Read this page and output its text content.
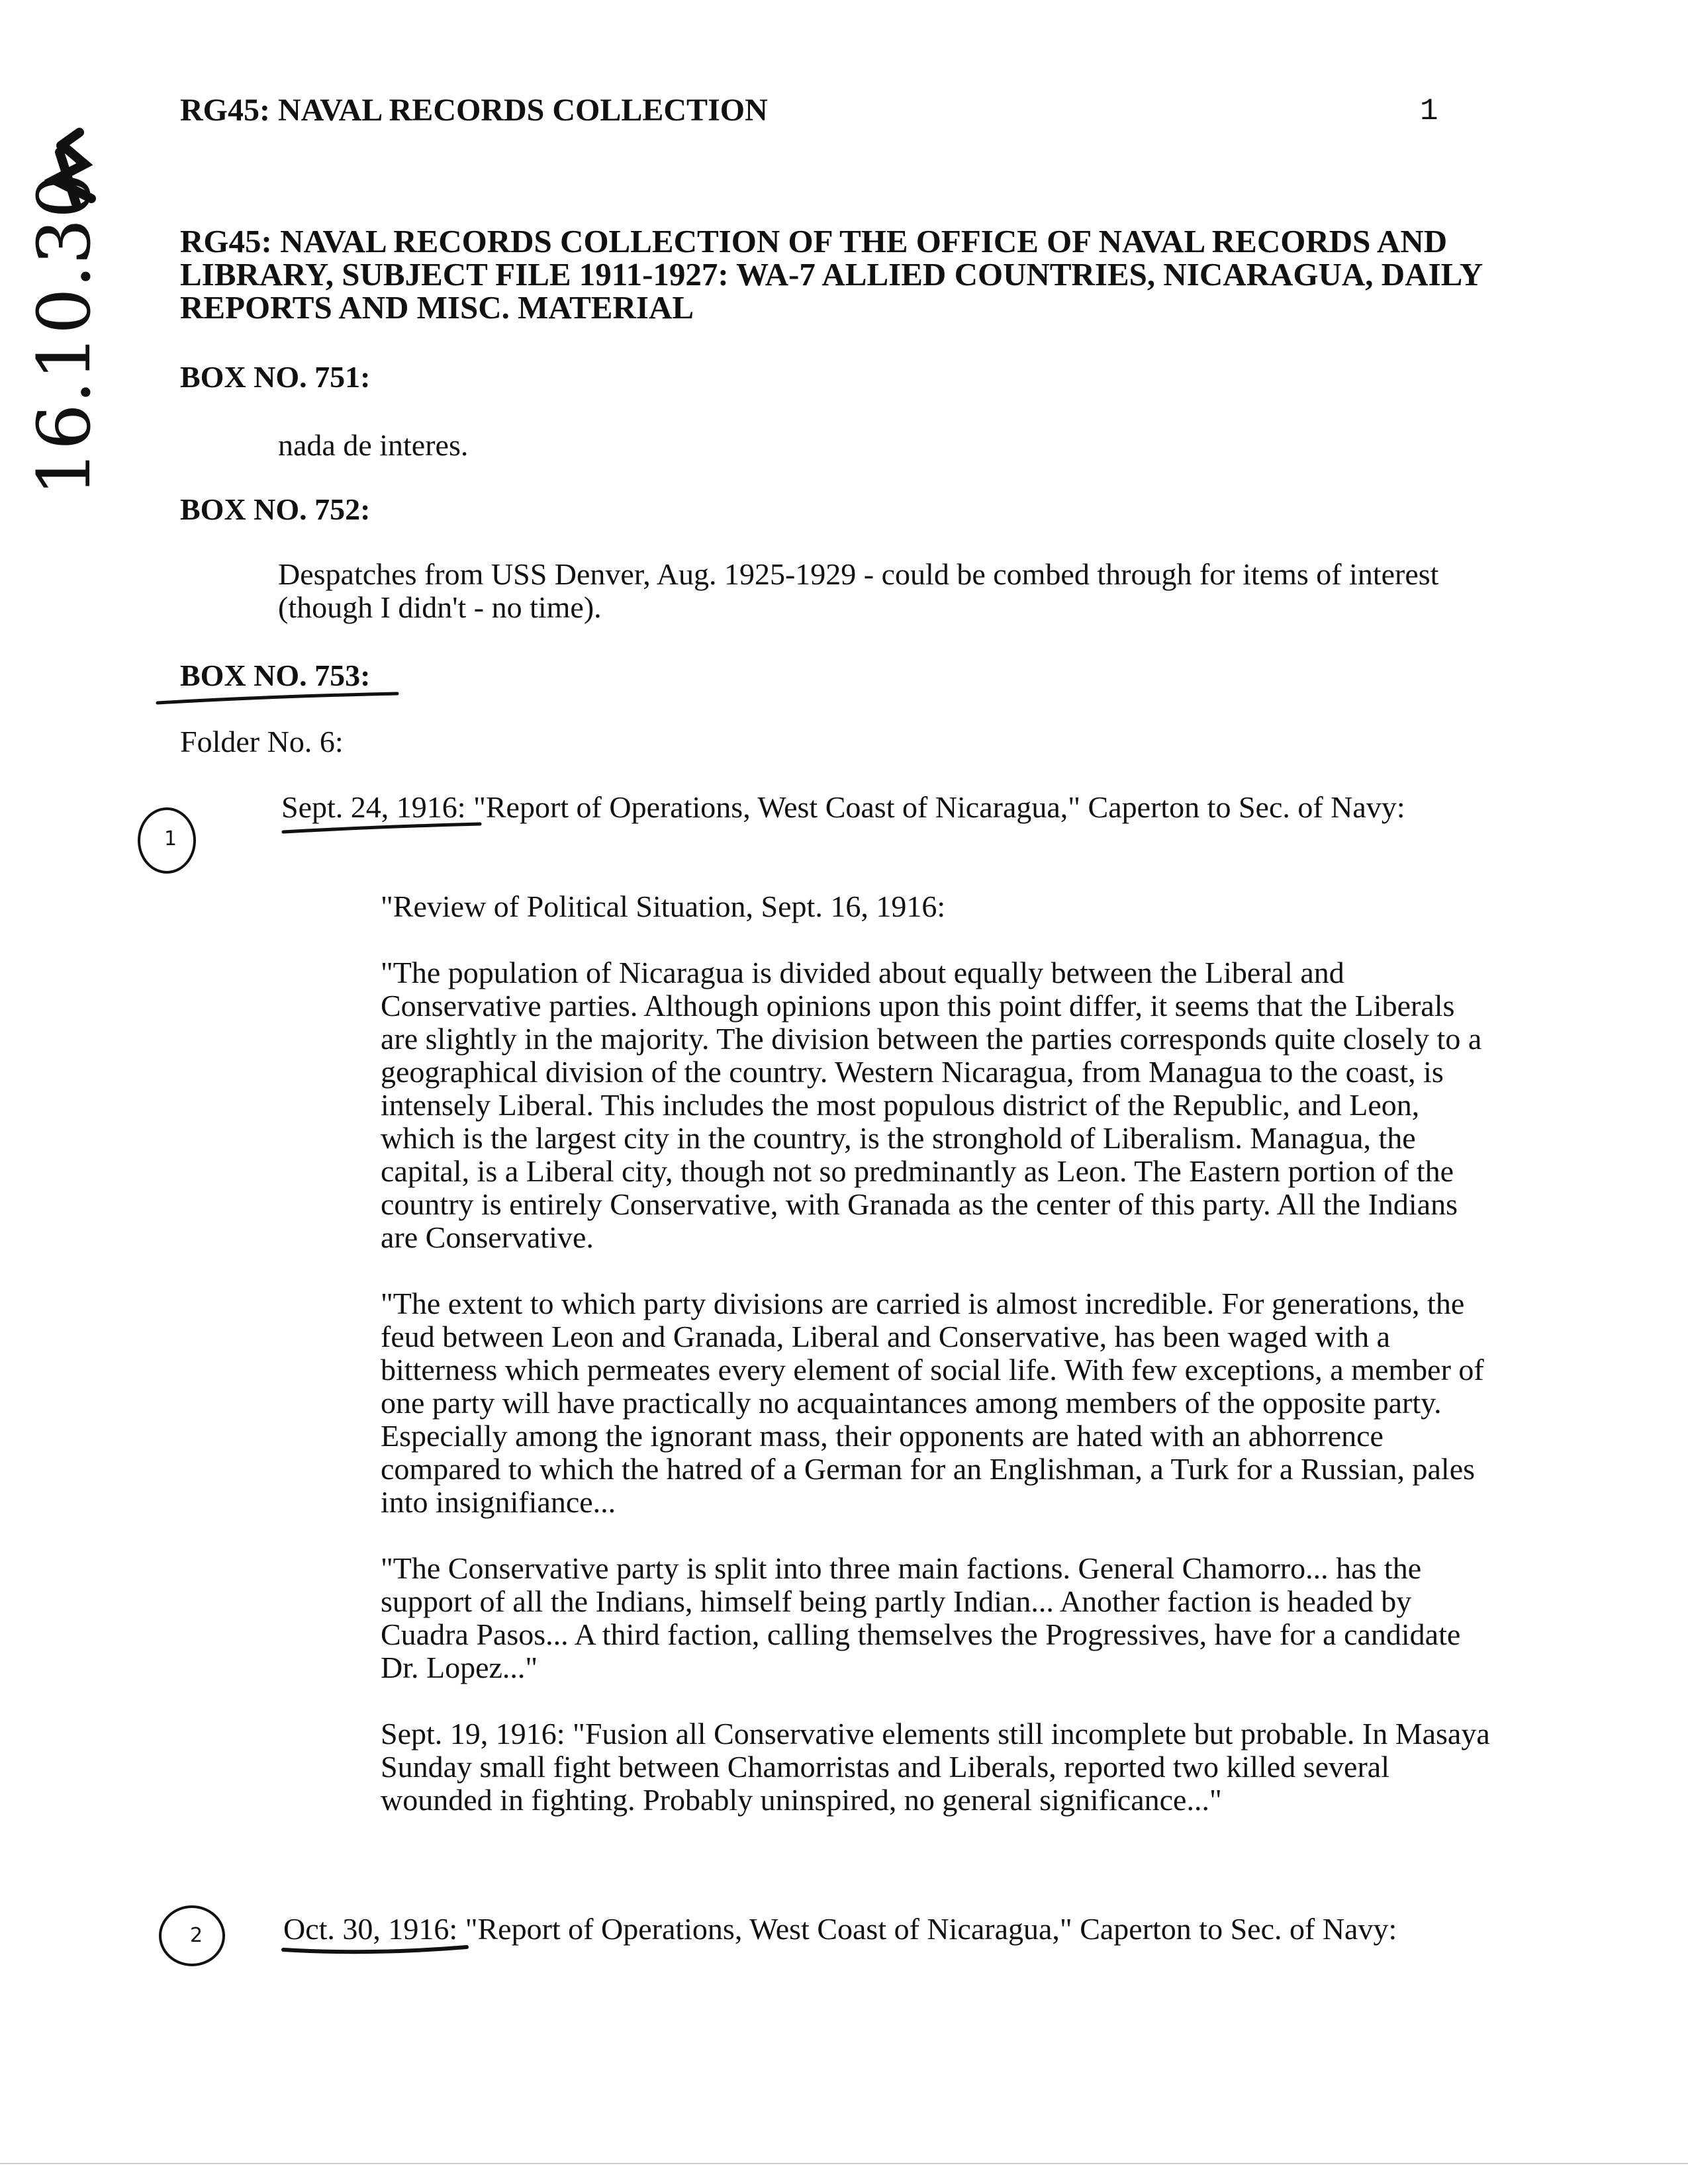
RG45: NAVAL RECORDS COLLECTION	1
16.10.30 RG45: NAVAL RECORDS COLLECTION OF THE OFFICE OF NAVAL RECORDS AND LIBRARY, SUBJECT FILE 1911-1927: WA-7 ALLIED COUNTRIES, NICARAGUA, DAILY REPORTS AND MISC. MATERIAL
BOX NO. 751:
nada de interes.
BOX NO. 752:
Despatches from USS Denver, Aug. 1925-1929 - could be combed through for items of interest (though I didn't - no time).
BOX NO. 753:
Folder No. 6:
1
Sept. 24, 1916: "Report of Operations, West Coast of Nicaragua," Caperton to Sec. of Navy:

"Review of Political Situation, Sept. 16, 1916:

"The population of Nicaragua is divided about equally between the Liberal and Conservative parties. Although opinions upon this point differ, it seems that the Liberals are slightly in the majority. The division between the parties corresponds quite closely to a geographical division of the country. Western Nicaragua, from Managua to the coast, is intensely Liberal. This includes the most populous district of the Republic, and Leon, which is the largest city in the country, is the stronghold of Liberalism. Managua, the capital, is a Liberal city, though not so predminantly as Leon. The Eastern portion of the country is entirely Conservative, with Granada as the center of this party. All the Indians are Conservative.

"The extent to which party divisions are carried is almost incredible. For generations, the feud between Leon and Granada, Liberal and Conservative, has been waged with a bitterness which permeates every element of social life. With few exceptions, a member of one party will have practically no acquaintances among members of the opposite party. Especially among the ignorant mass, their opponents are hated with an abhorrence compared to which the hatred of a German for an Englishman, a Turk for a Russian, pales into insignifiance...

"The Conservative party is split into three main factions. General Chamorro... has the support of all the Indians, himself being partly Indian... Another faction is headed by Cuadra Pasos... A third faction, calling themselves the Progressives, have for a candidate Dr. Lopez..."

Sept. 19, 1916: "Fusion all Conservative elements still incomplete but probable. In Masaya Sunday small fight between Chamorristas and Liberals, reported two killed several wounded in fighting. Probably uninspired, no general significance..."

2	Oct. 30, 1916: "Report of Operations, West Coast of Nicaragua," Caperton to Sec. of Navy:
